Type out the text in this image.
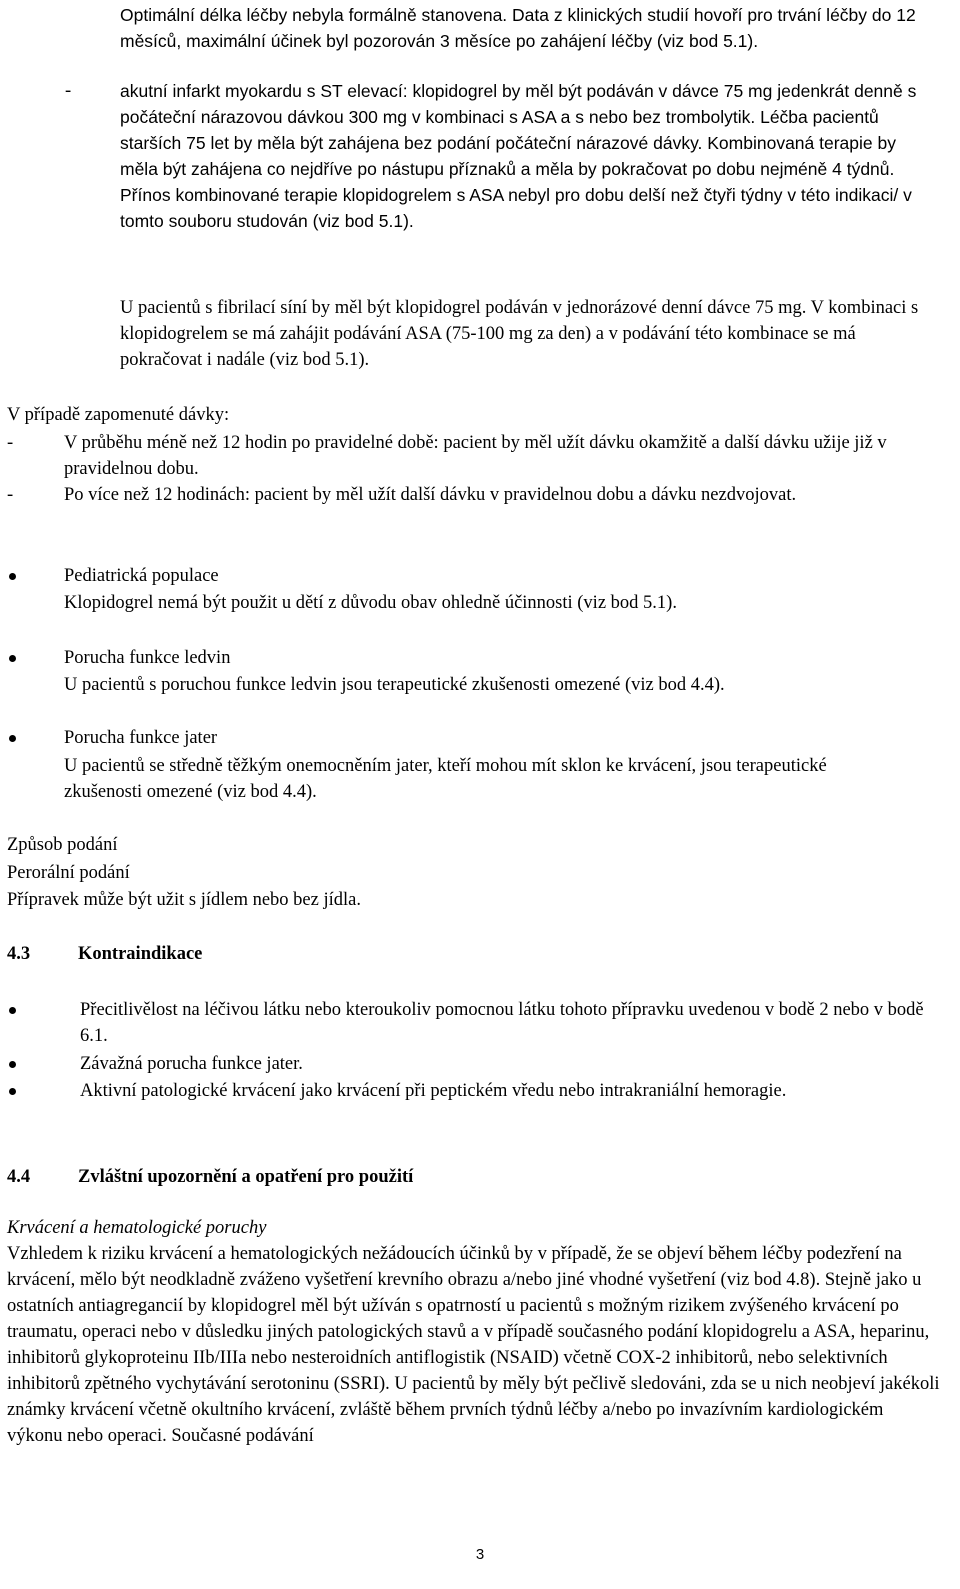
Optimální délka léčby nebyla formálně stanovena. Data z klinických studií hovoří pro trvání léčby do 12 měsíců, maximální účinek byl pozorován 3 měsíce po zahájení léčby (viz bod 5.1).

-	akutní infarkt myokardu s ST elevací: klopidogrel by měl být podáván v dávce 75 mg jedenkrát denně s počáteční nárazovou dávkou 300 mg v kombinaci s ASA a s nebo bez trombolytik. Léčba pacientů starších 75 let by měla být zahájena bez podání počáteční nárazové dávky. Kombinovaná terapie by měla být zahájena co nejdříve po nástupu příznaků a měla by pokračovat po dobu nejméně 4 týdnů. Přínos kombinované terapie klopidogrelem s ASA nebyl pro dobu delší než čtyři týdny v této indikaci/ v tomto souboru studován (viz bod 5.1).

U pacientů s fibrilací síní by měl být klopidogrel podáván v jednorázové denní dávce 75 mg. V kombinaci s klopidogrelem se má zahájit podávání ASA (75-100 mg za den) a v podávání této kombinace se má pokračovat i nadále (viz bod 5.1).

V případě zapomenuté dávky:

-	V průběhu méně než 12 hodin po pravidelné době: pacient by měl užít dávku okamžitě a další dávku užije již v pravidelnou dobu.

-	Po více než 12 hodinách: pacient by měl užít další dávku v pravidelnou dobu a dávku nezdvojovat.

Pediatrická populace

Klopidogrel nemá být použit u dětí z důvodu obav ohledně účinnosti (viz bod 5.1).

Porucha funkce ledvin

U pacientů s poruchou funkce ledvin jsou terapeutické zkušenosti omezené (viz bod 4.4).

Porucha funkce jater

U pacientů se středně těžkým onemocněním jater, kteří mohou mít sklon ke krvácení, jsou terapeutické zkušenosti omezené (viz bod 4.4).

Způsob podání

Perorální podání

Přípravek může být užit s jídlem nebo bez jídla.

4.3	Kontraindikace

Přecitlivělost na léčivou látku nebo kteroukoliv pomocnou látku tohoto přípravku uvedenou v bodě 2 nebo v bodě 6.1.

Závažná porucha funkce jater.

Aktivní patologické krvácení jako krvácení při peptickém vředu nebo intrakraniální hemoragie.

4.4	Zvláštní upozornění a opatření pro použití

Krvácení a hematologické poruchy

Vzhledem k riziku krvácení a hematologických nežádoucích účinků by v případě, že se objeví během léčby podezření na krvácení, mělo být neodkladně zváženo vyšetření krevního obrazu a/nebo jiné vhodné vyšetření (viz bod 4.8). Stejně jako u ostatních antiagregancií by klopidogrel měl být užíván s opatrností u pacientů s možným rizikem zvýšeného krvácení po traumatu, operaci nebo v důsledku jiných patologických stavů a v případě současného podání klopidogrelu a ASA, heparinu, inhibitorů glykoproteinu IIb/IIIa nebo nesteroidních antiflogistik (NSAID) včetně COX-2 inhibitorů, nebo selektivních inhibitorů zpětného vychytávání serotoninu (SSRI). U pacientů by měly být pečlivě sledováni, zda se u nich neobjeví jakékoli známky krvácení včetně okultního krvácení, zvláště během prvních týdnů léčby a/nebo po invazívním kardiologickém výkonu nebo operaci. Současné podávání

3
